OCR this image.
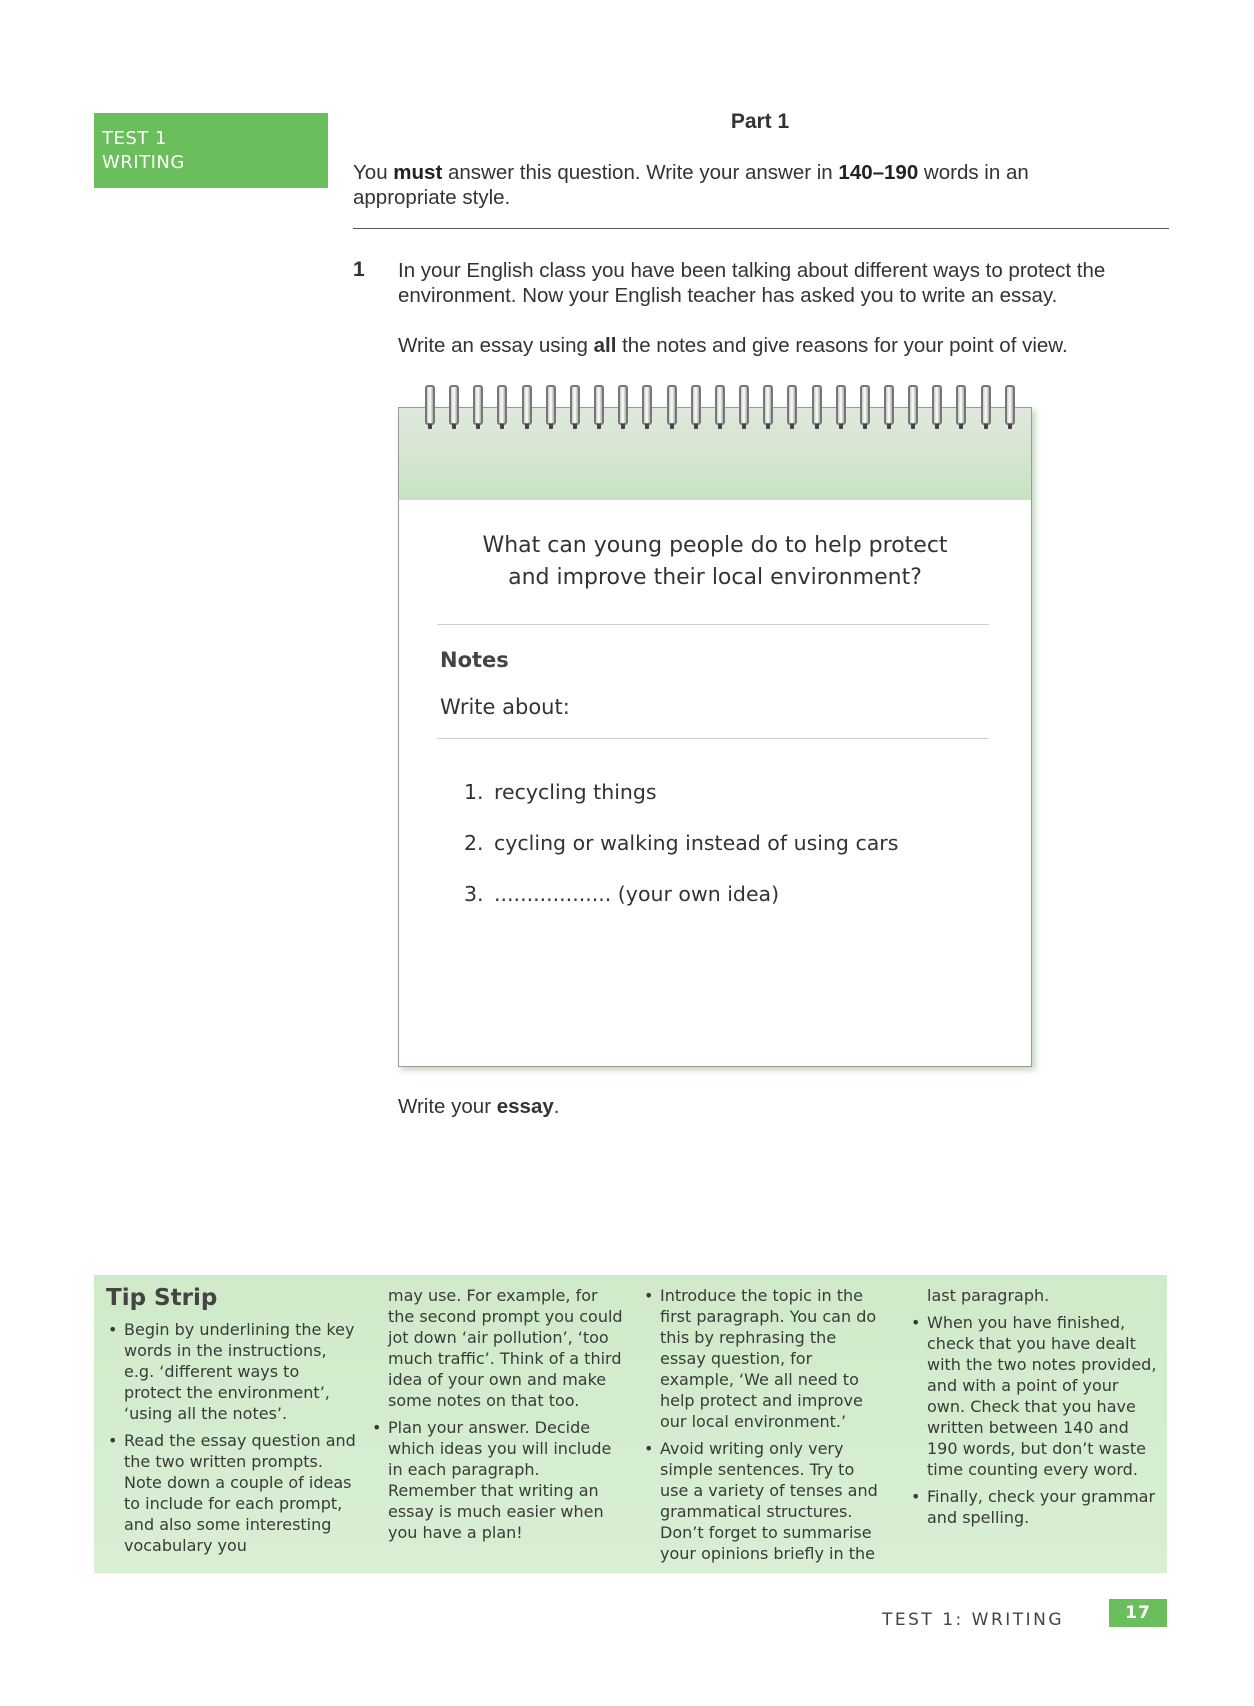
TEST 1
WRITING
Part 1
You must answer this question. Write your answer in 140–190 words in an appropriate style.
1 In your English class you have been talking about different ways to protect the environment. Now your English teacher has asked you to write an essay.
Write an essay using all the notes and give reasons for your point of view.
What can young people do to help protect
and improve their local environment?
Notes
Write about:
1. recycling things
2. cycling or walking instead of using cars
3. .................. (your own idea)
Write your essay.
Tip Strip

• Begin by underlining the key words in the instructions, e.g. ‘different ways to protect the environment’, ‘using all the notes’.

• Read the essay question and the two written prompts. Note down a couple of ideas to include for each prompt, and also some interesting vocabulary you

may use. For example, for the second prompt you could jot down ‘air pollution’, ‘too much traffic’. Think of a third idea of your own and make some notes on that too.

• Plan your answer. Decide which ideas you will include in each paragraph. Remember that writing an essay is much easier when you have a plan!

• Introduce the topic in the first paragraph. You can do this by rephrasing the essay question, for example, ‘We all need to help protect and improve our local environment.’

• Avoid writing only very simple sentences. Try to use a variety of tenses and grammatical structures. Don’t forget to summarise your opinions briefly in the

last paragraph.

• When you have finished, check that you have dealt with the two notes provided, and with a point of your own. Check that you have written between 140 and 190 words, but don’t waste time counting every word.

• Finally, check your grammar and spelling.

TEST 1: WRITING	17
